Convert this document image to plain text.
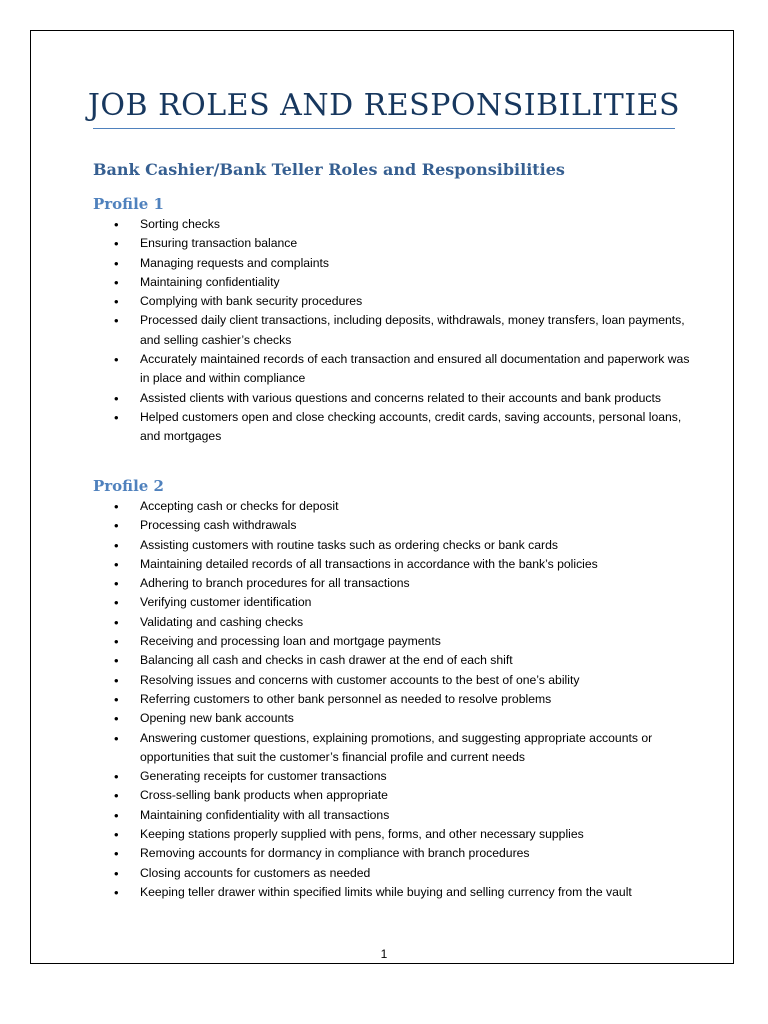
JOB ROLES AND RESPONSIBILITIES
Bank Cashier/Bank Teller Roles and Responsibilities
Profile 1
• Sorting checks
• Ensuring transaction balance
• Managing requests and complaints
• Maintaining confidentiality
• Complying with bank security procedures
• Processed daily client transactions, including deposits, withdrawals, money transfers, loan payments, and selling cashier’s checks
• Accurately maintained records of each transaction and ensured all documentation and paperwork was in place and within compliance
• Assisted clients with various questions and concerns related to their accounts and bank products
• Helped customers open and close checking accounts, credit cards, saving accounts, personal loans, and mortgages
Profile 2
• Accepting cash or checks for deposit
• Processing cash withdrawals
• Assisting customers with routine tasks such as ordering checks or bank cards
• Maintaining detailed records of all transactions in accordance with the bank’s policies
• Adhering to branch procedures for all transactions
• Verifying customer identification
• Validating and cashing checks
• Receiving and processing loan and mortgage payments
• Balancing all cash and checks in cash drawer at the end of each shift
• Resolving issues and concerns with customer accounts to the best of one’s ability
• Referring customers to other bank personnel as needed to resolve problems
• Opening new bank accounts
• Answering customer questions, explaining promotions, and suggesting appropriate accounts or opportunities that suit the customer’s financial profile and current needs
• Generating receipts for customer transactions
• Cross-selling bank products when appropriate
• Maintaining confidentiality with all transactions
• Keeping stations properly supplied with pens, forms, and other necessary supplies
• Removing accounts for dormancy in compliance with branch procedures
• Closing accounts for customers as needed
• Keeping teller drawer within specified limits while buying and selling currency from the vault
1
